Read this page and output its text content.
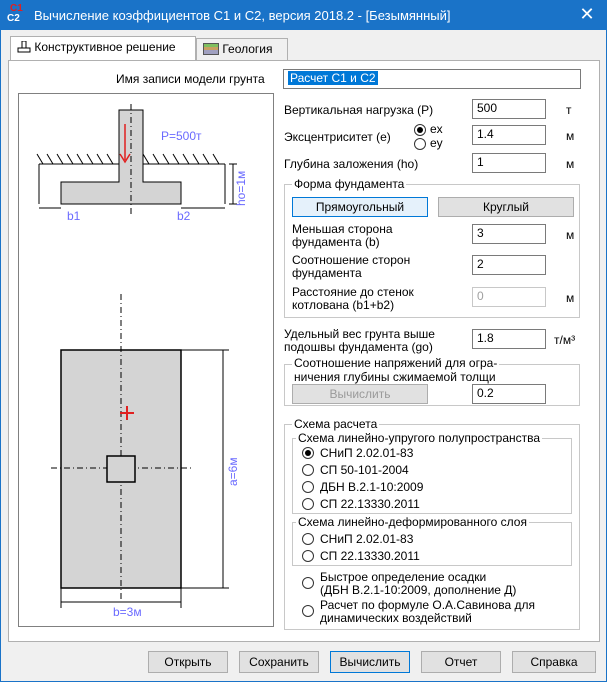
C1
C2	Вычисление коэффициентов С1 и С2, версия 2018.2 - [Безымянный]	✕
Конструктивное решение	Геология
Имя записи модели грунта	Расчет С1 и С2
P=500т
b1	b2
ho=1м
a=6м
b=3м
Вертикальная нагрузка (Р)	500	т
Эксцентриситет (е)
ex
ey
1.4	м
Глубина заложения (ho)	1	м
Форма фундамента
Прямоугольный	Круглый
Меньшая сторона
фундамента (b)
3	м
Соотношение сторон
фундамента
2
Расстояние до стенок
котлована (b1+b2)
0	м
Удельный вес грунта выше
подошвы фундамента (go)
1.8	т/м³
Соотношение напряжений для огра-
ничения глубины сжимаемой толщи
Вычислить	0.2
Схема расчета
Схема линейно-упругого полупространства
СНиП 2.02.01-83
СП 50-101-2004
ДБН В.2.1-10:2009
СП 22.13330.2011
Схема линейно-деформированного слоя
СНиП 2.02.01-83
СП 22.13330.2011
Быстрое определение осадки
(ДБН В.2.1-10:2009, дополнение Д)
Расчет по формуле О.А.Савинова для
динамических воздействий
Открыть	Сохранить	Вычислить	Отчет	Справка
